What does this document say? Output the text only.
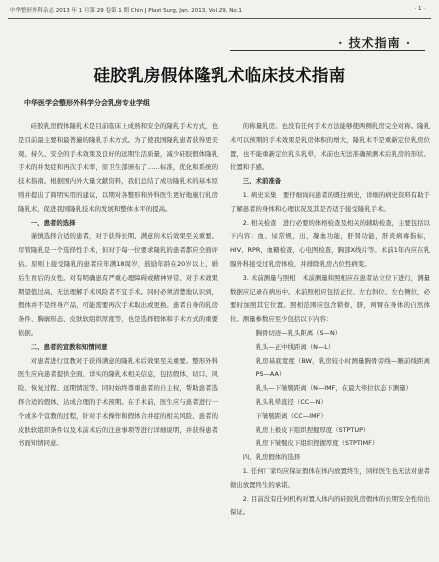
中华整形外科杂志 2013 年 1 月第 29 卷第 1 期 Chin J Plast Surg, Jan. 2013, Vol.29, No.1	· 1 ·
· 技术指南 ·
硅胶乳房假体隆乳术临床技术指南
中华医学会整形外科学分会乳房专业学组

硅胶乳房假体隆乳术是目前临床上成熟和安全的隆乳手术方式，也是目前最主要和最普遍的隆乳手术方式。为了使我国隆乳患者获得更美观、持久、安全的手术效果及良好的远期生活质量，减少硅胶假体隆乳手术的并发症和再次手术率，原卫生部颁布了……标准，优化和系统的技术指南。根据国内外大量文献资料，我们总结了成功隆乳术的基本原则并提出了简明实用的建议，以期对各整形和外科医生更好地施行乳房隆乳术，促进我国隆乳技术的发展和整体水平的提高。

一、患者的选择

谨慎选择合适的患者，对于获得长期、满意的术后效果至关重要。尽管隆乳是一个选择性手术，但对于每一位要求隆乳的患者都应全面评估。原则上接受隆乳的患者应年满18周岁，鼓励年龄在20岁以上、婚后生育后的女性。对有明确患有严重心理障碍或精神异常、对手术效果期望值过高、无法理解手术风险者不宜手术。同时必须清楚地认识到，假体并不是终身产品，可能需要再次手术取出或更换。患者自身的乳房条件、胸廓形态、皮肤软组织厚度等，也是选择假体和手术方式的重要依据。

二、患者的宣教和知情同意

对患者进行宣教对于获得满意的隆乳术后效果至关重要。整形外科医生应向患者提供全面、详实的隆乳术相关信息，包括假体、切口、风险、恢复过程、远期情况等。同时始终尊重患者的自主权，帮助患者选择合适的假体，达成合理的手术预期。在手术前，医生应与患者进行一个或多个宣教的过程，针对手术操作和假体合并症的相关风险、患者的皮肤软组织条件以及术前术后的注意事项等进行详细说明，并获得患者书面知情同意。

的称量乳房。也没有任何手术方法能够使两侧乳房完全对称。隆乳术可以预期的手术效果是乳房体积的增大，隆乳术不是重新定位乳房位置，也不能重新定位乳头乳晕，术前也无法准确预测术后乳房的形状、位置和手感。

三、术前准备

1. 病史采集　要仔细询问患者的既往病史，详细的病史资料有助于了解患者的身体和心理状况及其是否适于接受隆乳手术。

2. 相关检查　进行必要的体格检查及相关的辅助检查，主要包括以下内容：血、尿常规，出、凝血功能，肝肾功能，肝炎病毒指标，HIV、RPR，血糖检查，心电图检查，胸部X线片等。术前1年内应在乳腺外科接受过乳房体检，并排除乳房占位性病变。

3. 术前测量与照相　术前测量和照相应在患者站立位下进行，测量数据应记录在病历中。术前照相应包括正位、左右斜位、左右侧位，必要时加照其它位置。照相范围应包含锁骨、脐，两臂在身体的自然体位。测量参数应至少包括以下内容：

胸骨切迹—乳头距离（S—N）

乳头—正中线距离（N—L）

乳房基底宽度（BW，乳房较小时测量胸骨旁线—腋前线距离 PS—AA）

乳头—下皱襞距离（N—IMF，在最大牵拉状态下测量）

乳头乳晕直径（CC—N）

下皱襞距离（CC—IMF）

乳房上极皮下组织捏握厚度（STPTUP）

乳房下皱襞皮下组织捏握厚度（STPTIMF）

四、乳房假体的选择

1. 任何厂家均应保证假体在体内放置终生，同样医生也无法对患者做出放置终生的承诺。

2. 目前没有任何机构对置入体内的硅胶乳房假体的长期安全性给出保证。
